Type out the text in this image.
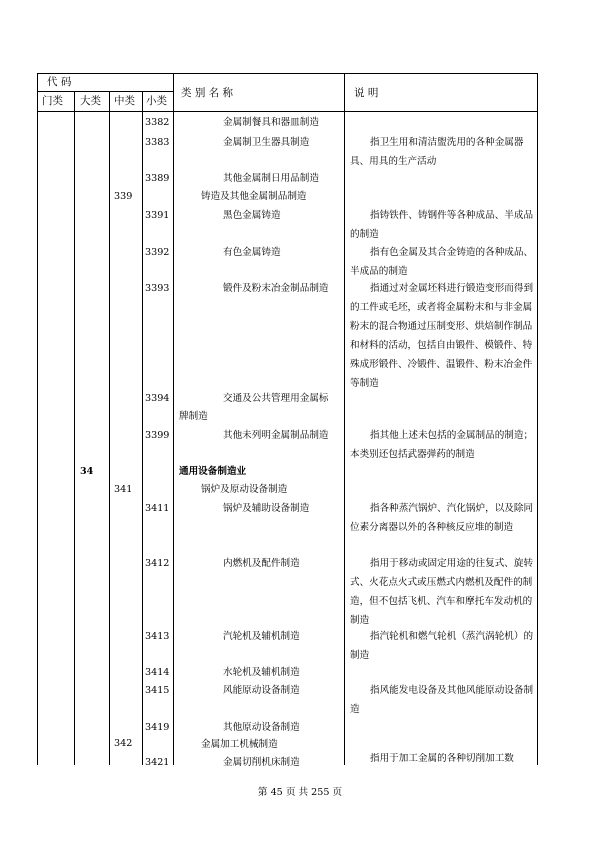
代 码
门类 大类 中类 小类
类 别 名 称	说 明
3382	金属制餐具和器皿制造
3383	金属制卫生器具制造	指卫生用和清洁盥洗用的各种金属器具、用具的生产活动
3389	其他金属制日用品制造
339	铸造及其他金属制品制造
3391	黑色金属铸造	指铸铁件、铸钢件等各种成品、半成品的制造
3392	有色金属铸造	指有色金属及其合金铸造的各种成品、半成品的制造
3393	锻件及粉末冶金制品制造	指通过对金属坯料进行锻造变形而得到的工件或毛坯，或者将金属粉末和与非金属粉末的混合物通过压制变形、烘焙制作制品和材料的活动，包括自由锻件、模锻件、特殊成形锻件、冷锻件、温锻件、粉末冶金件等制造
3394	交通及公共管理用金属标
牌制造
3399	其他未列明金属制品制造	指其他上述未包括的金属制品的制造；本类别还包括武器弹药的制造
34	通用设备制造业
341	锅炉及原动设备制造
3411	锅炉及辅助设备制造	指各种蒸汽锅炉、汽化锅炉，以及除同位素分离器以外的各种核反应堆的制造
3412	内燃机及配件制造	指用于移动或固定用途的往复式、旋转式、火花点火式或压燃式内燃机及配件的制造，但不包括飞机、汽车和摩托车发动机的制造
3413	汽轮机及辅机制造	指汽轮机和燃气轮机（蒸汽涡轮机）的制造
3414	水轮机及辅机制造
3415	风能原动设备制造	指风能发电设备及其他风能原动设备制造
3419	其他原动设备制造
342	金属加工机械制造
3421	金属切削机床制造	指用于加工金属的各种切削加工数
第 45 页 共 255 页
